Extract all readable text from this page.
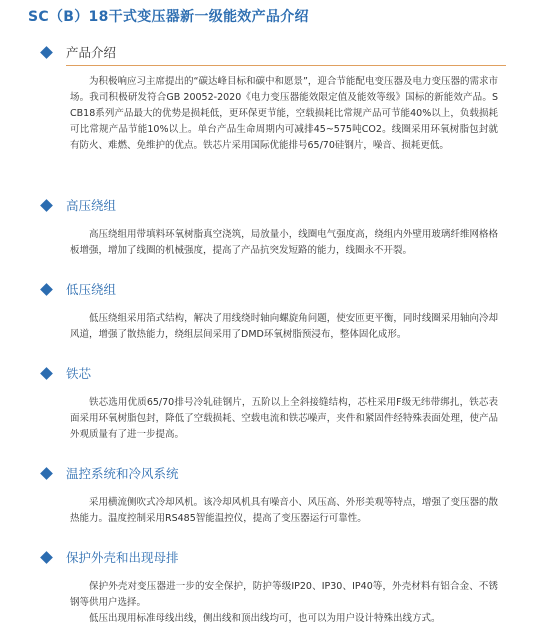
SC（B）18干式变压器新一级能效产品介绍
产品介绍

为积极响应习主席提出的“碳达峰目标和碳中和愿景”，迎合节能配电变压器及电力变压器的需求市场。我司积极研发符合GB 20052-2020《电力变压器能效限定值及能效等级》国标的新能效产品。SCB18系列产品最大的优势是损耗低，更环保更节能，空载损耗比常规产品可节能40%以上，负载损耗可比常规产品节能10%以上。单台产品生命周期内可减排45~575吨CO2。线圈采用环氧树脂包封就有防火、难燃、免维护的优点。铁芯片采用国际优能排号65/70硅钢片，噪音、损耗更低。

高压绕组

高压绕组用带填料环氧树脂真空浇筑，局放量小，线圈电气强度高，绕组内外壁用玻璃纤维网格格板增强，增加了线圈的机械强度，提高了产品抗突发短路的能力，线圈永不开裂。

低压绕组

低压绕组采用箔式结构，解决了用线绕时轴向螺旋角问题，使安匝更平衡，同时线圈采用轴向冷却风道，增强了散热能力，绕组层间采用了DMD环氧树脂预浸布，整体固化成形。

铁芯

铁芯选用优质65/70排号冷轧硅钢片，五阶以上全斜接缝结构，芯柱采用F级无纬带绑扎，铁芯表面采用环氧树脂包封，降低了空载损耗、空载电流和铁芯噪声，夹件和紧固件经特殊表面处理，使产品外观质量有了进一步提高。

温控系统和冷风系统

采用横流侧吹式冷却风机。该冷却风机具有噪音小、风压高、外形美观等特点，增强了变压器的散热能力。温度控制采用RS485智能温控仪，提高了变压器运行可靠性。

保护外壳和出现母排

保护外壳对变压器进一步的安全保护，防护等级IP20、IP30、IP40等，外壳材料有铝合金、不锈钢等供用户选择。

低压出现用标准母线出线，侧出线和顶出线均可，也可以为用户设计特殊出线方式。
